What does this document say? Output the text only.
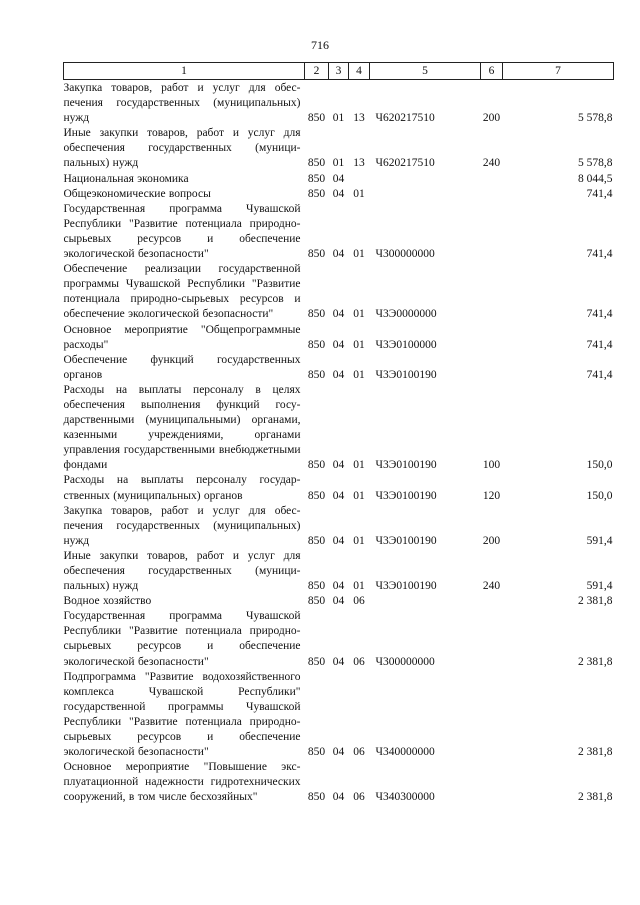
716
1	2	3	4	5	6	7
Закупка товаров, работ и услуг для обеспечения государственных (муниципальных) нужд	850	01	13	Ч620217510	200	5 578,8
Иные закупки товаров, работ и услуг для обеспечения государственных (муниципальных) нужд	850	01	13	Ч620217510	240	5 578,8
Национальная экономика	850	04				8 044,5
Общеэкономические вопросы	850	04	01			741,4
Государственная программа Чувашской Республики "Развитие потенциала природно-сырьевых ресурсов и обеспечение экологической безопасности"	850	04	01	Ч300000000		741,4
Обеспечение реализации государственной программы Чувашской Республики "Развитие потенциала природно-сырьевых ресурсов и обеспечение экологической безопасности"	850	04	01	Ч3Э0000000		741,4
Основное мероприятие "Общепрограммные расходы"	850	04	01	Ч3Э0100000		741,4
Обеспечение функций государственных органов	850	04	01	Ч3Э0100190		741,4
Расходы на выплаты персоналу в целях обеспечения выполнения функций государственными (муниципальными) органами, казенными учреждениями, органами управления государственными внебюджетными фондами	850	04	01	Ч3Э0100190	100	150,0
Расходы на выплаты персоналу государственных (муниципальных) органов	850	04	01	Ч3Э0100190	120	150,0
Закупка товаров, работ и услуг для обеспечения государственных (муниципальных) нужд	850	04	01	Ч3Э0100190	200	591,4
Иные закупки товаров, работ и услуг для обеспечения государственных (муниципальных) нужд	850	04	01	Ч3Э0100190	240	591,4
Водное хозяйство	850	04	06			2 381,8
Государственная программа Чувашской Республики "Развитие потенциала природно-сырьевых ресурсов и обеспечение экологической безопасности"	850	04	06	Ч300000000		2 381,8
Подпрограмма "Развитие водохозяйственного комплекса Чувашской Республики" государственной программы Чувашской Республики "Развитие потенциала природно-сырьевых ресурсов и обеспечение экологической безопасности"	850	04	06	Ч340000000		2 381,8
Основное мероприятие "Повышение эксплуатационной надежности гидротехнических сооружений, в том числе бесхозяйных"	850	04	06	Ч340300000		2 381,8
